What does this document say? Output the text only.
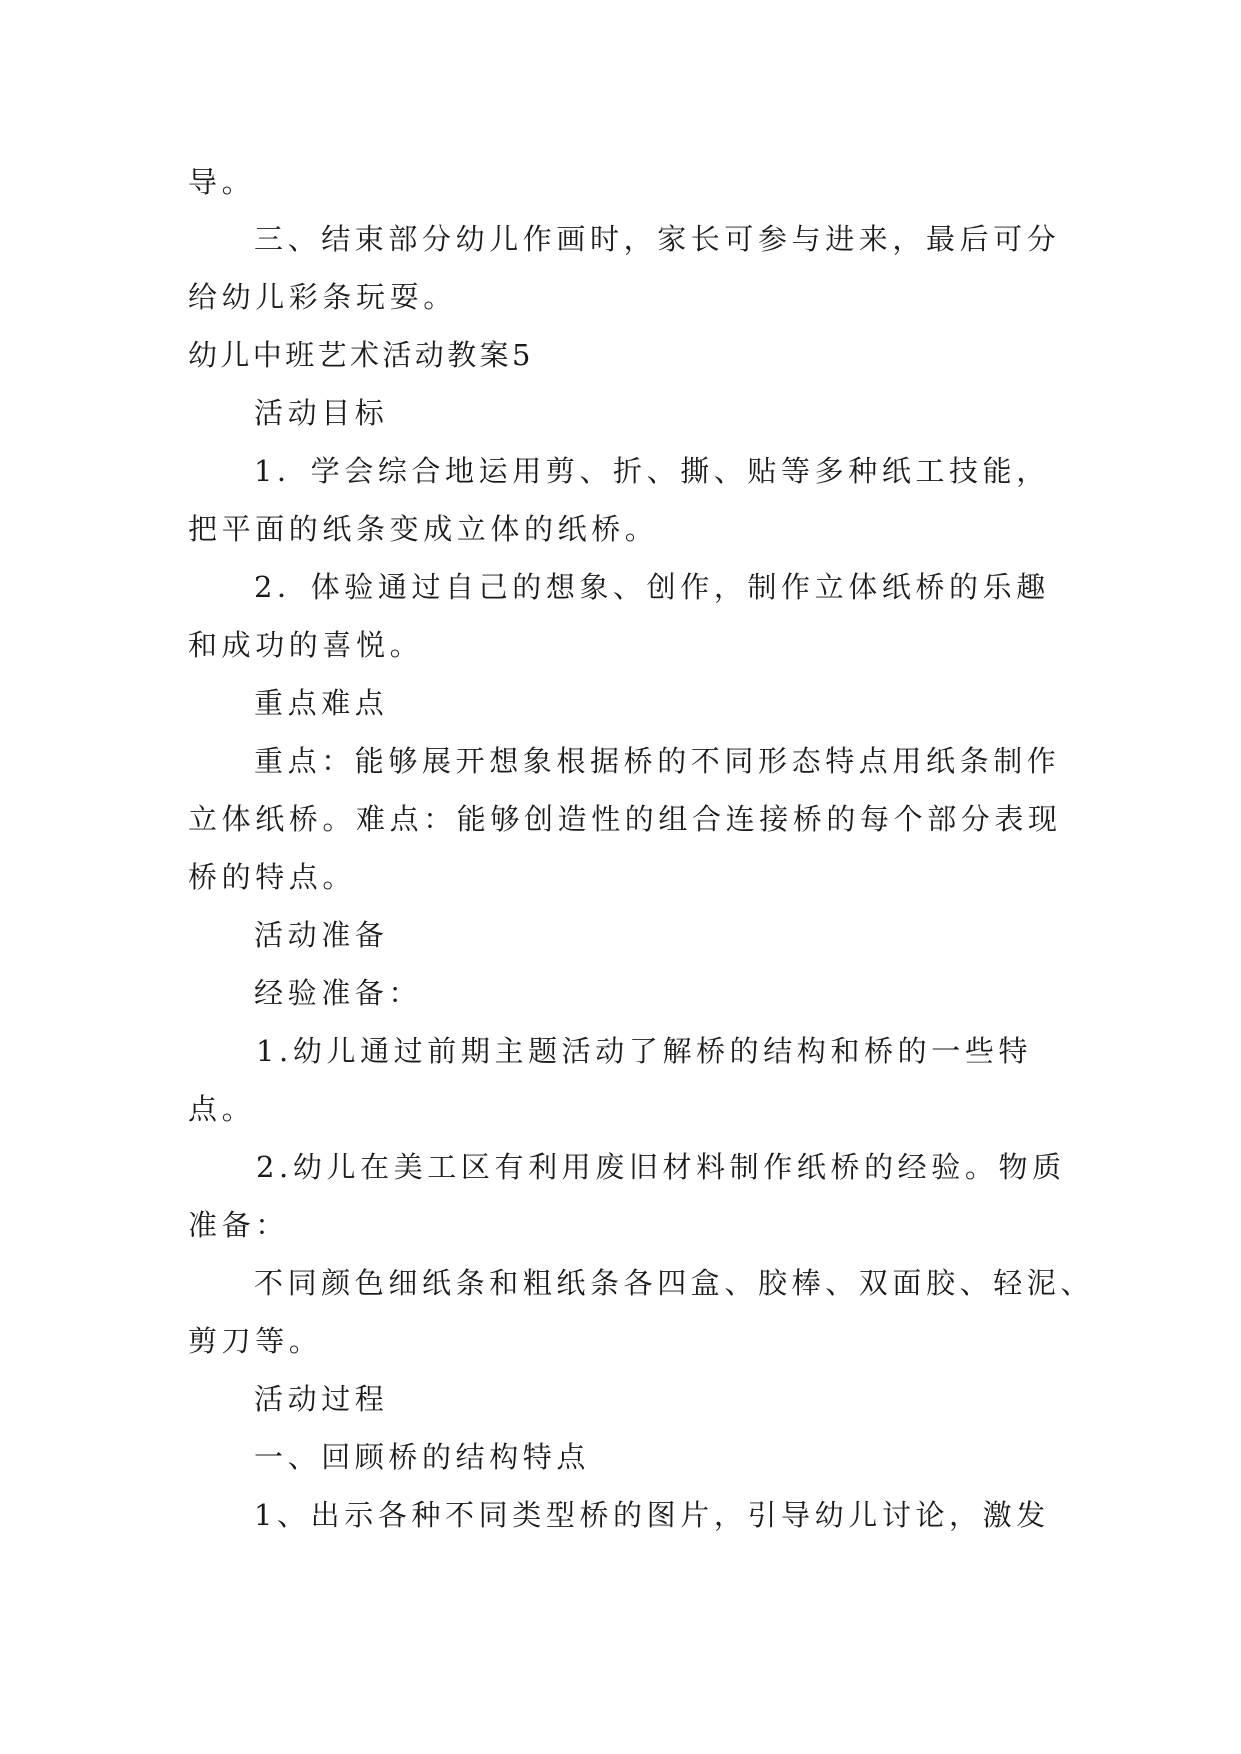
导。
三、结束部分幼儿作画时，家长可参与进来，最后可分
给幼儿彩条玩耍。
幼儿中班艺术活动教案5
活动目标
1．学会综合地运用剪、折、撕、贴等多种纸工技能，
把平面的纸条变成立体的纸桥。
2．体验通过自己的想象、创作，制作立体纸桥的乐趣
和成功的喜悦。
重点难点
重点：能够展开想象根据桥的不同形态特点用纸条制作
立体纸桥。难点：能够创造性的组合连接桥的每个部分表现
桥的特点。
活动准备
经验准备：
1.幼儿通过前期主题活动了解桥的结构和桥的一些特
点。
2.幼儿在美工区有利用废旧材料制作纸桥的经验。物质
准备：
不同颜色细纸条和粗纸条各四盒、胶棒、双面胶、轻泥、
剪刀等。
活动过程
一、回顾桥的结构特点
1、出示各种不同类型桥的图片，引导幼儿讨论，激发
